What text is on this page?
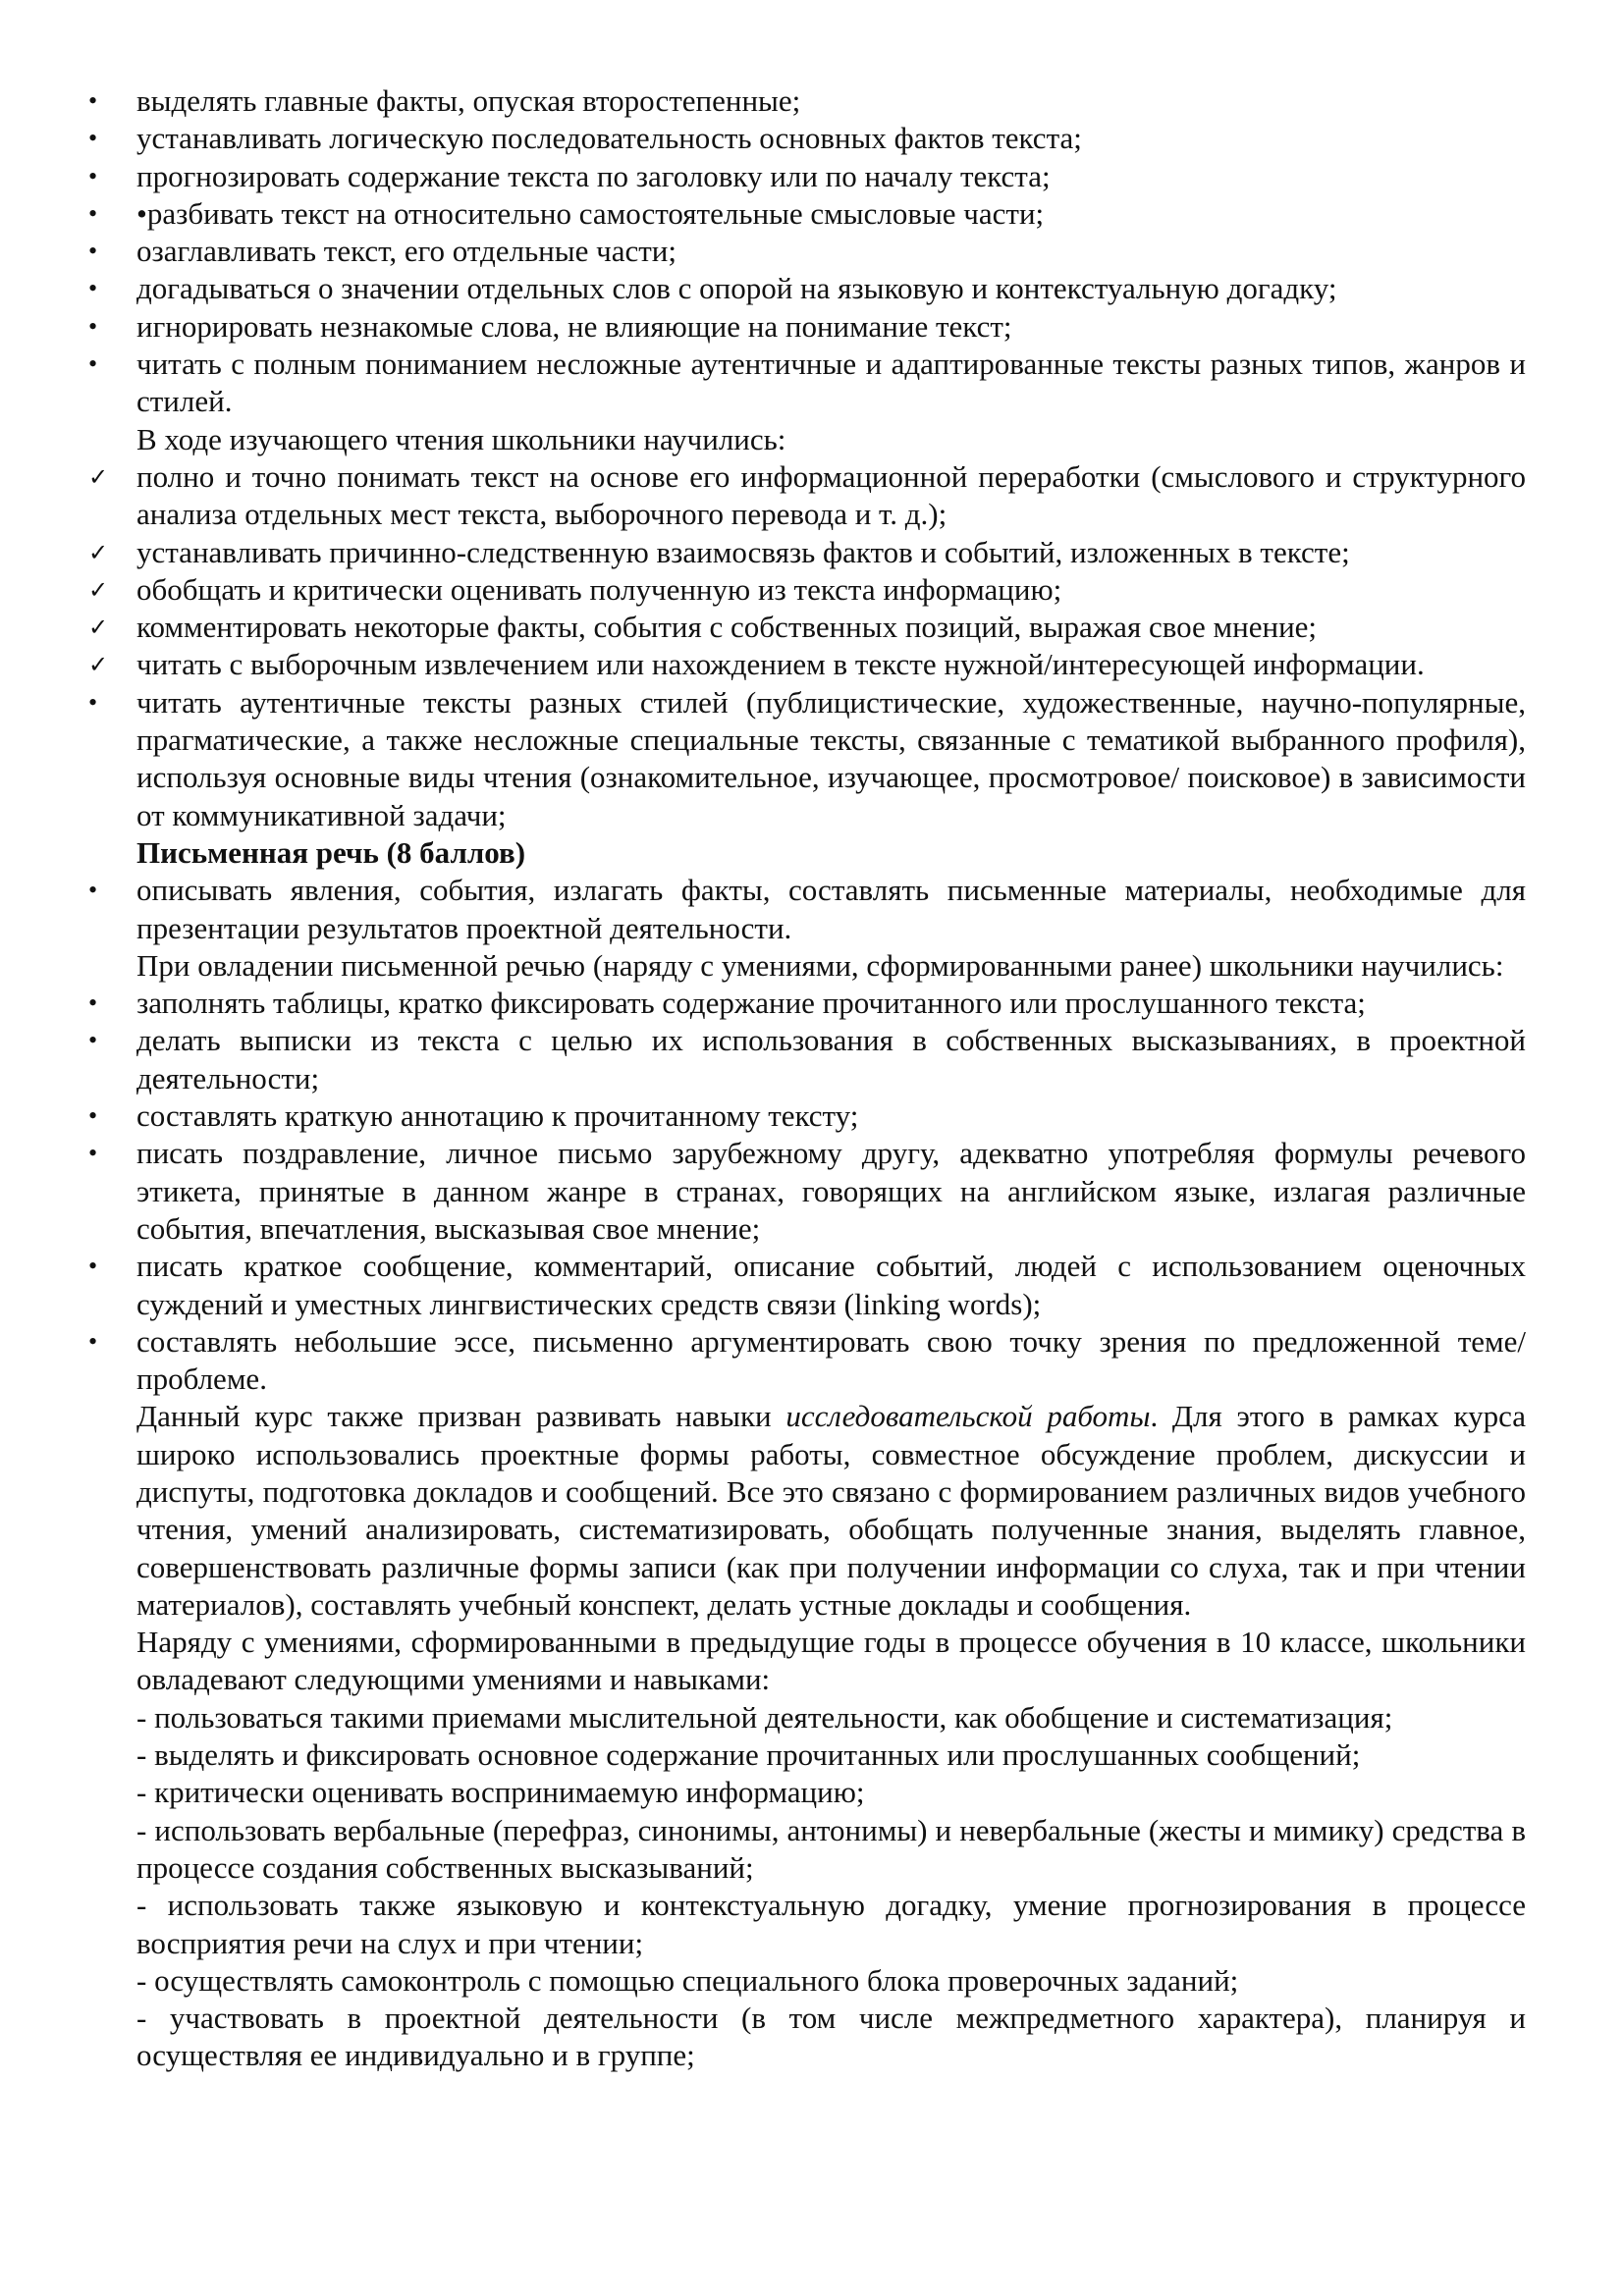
•	выделять главные факты, опуская второстепенные;
•	устанавливать логическую последовательность основных фактов текста;
•	прогнозировать содержание текста по заголовку или по началу текста;
•	•разбивать текст на относительно самостоятельные смысловые части;
•	озаглавливать текст, его отдельные части;
•	догадываться о значении отдельных слов с опорой на языковую и контекстуальную догадку;
•	игнорировать незнакомые слова, не влияющие на понимание текст;
•	читать с полным пониманием несложные аутентичные и адаптированные тексты разных типов, жанров и стилей.
В ходе изучающего чтения школьники научились:
✓ полно и точно понимать текст на основе его информационной переработки (смыслового и структурного анализа отдельных мест текста, выборочного перевода и т. д.);
✓ устанавливать причинно-следственную взаимосвязь фактов и событий, изложенных в тексте;
✓ обобщать и критически оценивать полученную из текста информацию;
✓ комментировать некоторые факты, события с собственных позиций, выражая свое мнение;
✓ читать с выборочным извлечением или нахождением в тексте нужной/интересующей информации.
•	читать аутентичные тексты разных стилей (публицистические, художественные, научно-популярные, прагматические, а также несложные специальные тексты, связанные с тематикой выбранного профиля), используя основные виды чтения (ознакомительное, изучающее, просмотровое/ поисковое) в зависимости от коммуникативной задачи;
Письменная речь (8 баллов)
•	описывать явления, события, излагать факты, составлять письменные материалы, необходимые для презентации результатов проектной деятельности.
При овладении письменной речью (наряду с умениями, сформированными ранее) школьники научились:
•	заполнять таблицы, кратко фиксировать содержание прочитанного или прослушанного текста;
•	делать выписки из текста с целью их использования в собственных высказываниях, в проектной деятельности;
•	составлять краткую аннотацию к прочитанному тексту;
•	писать поздравление, личное письмо зарубежному другу, адекватно употребляя формулы речевого этикета, принятые в данном жанре в странах, говорящих на английском языке, излагая различные события, впечатления, высказывая свое мнение;
•	писать краткое сообщение, комментарий, описание событий, людей с использованием оценочных суждений и уместных лингвистических средств связи (linking words);
•	составлять небольшие эссе, письменно аргументировать свою точку зрения по предложенной теме/проблеме.
Данный курс также призван развивать навыки исследовательской работы. Для этого в рамках курса широко использовались проектные формы работы, совместное обсуждение проблем, дискуссии и диспуты, подготовка докладов и сообщений. Все это связано с формированием различных видов учебного чтения, умений анализировать, систематизировать, обобщать полученные знания, выделять главное, совершенствовать различные формы записи (как при получении информации со слуха, так и при чтении материалов), составлять учебный конспект, делать устные доклады и сообщения.
Наряду с умениями, сформированными в предыдущие годы в процессе обучения в 10 классе, школьники овладевают следующими умениями и навыками:
- пользоваться такими приемами мыслительной деятельности, как обобщение и систематизация;
- выделять и фиксировать основное содержание прочитанных или прослушанных сообщений;
- критически оценивать воспринимаемую информацию;
- использовать вербальные (перефраз, синонимы, антонимы) и невербальные (жесты и мимику) средства в процессе создания собственных высказываний;
- использовать также языковую и контекстуальную догадку, умение прогнозирования в процессе восприятия речи на слух и при чтении;
- осуществлять самоконтроль с помощью специального блока проверочных заданий;
- участвовать в проектной деятельности (в том числе межпредметного характера), планируя и осуществляя ее индивидуально и в группе;
